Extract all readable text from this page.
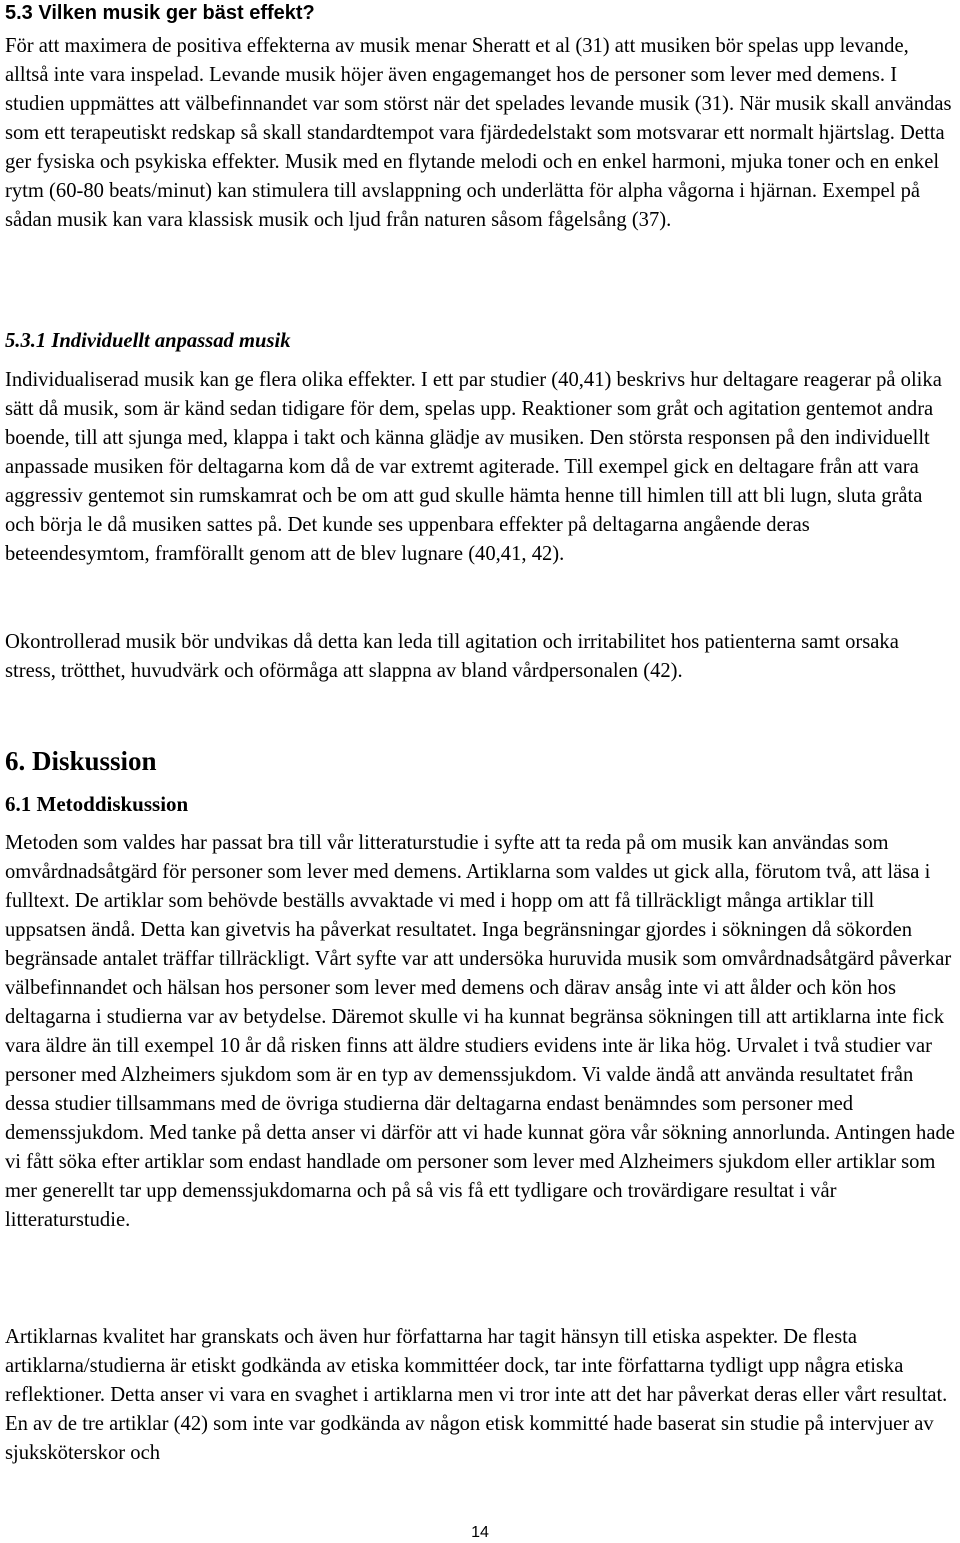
5.3 Vilken musik ger bäst effekt?

För att maximera de positiva effekterna av musik menar Sheratt et al (31) att musiken bör spelas upp levande, alltså inte vara inspelad. Levande musik höjer även engagemanget hos de personer som lever med demens. I studien uppmättes att välbefinnandet var som störst när det spelades levande musik (31). När musik skall användas som ett terapeutiskt redskap så skall standardtempot vara fjärdedelstakt som motsvarar ett normalt hjärtslag. Detta ger fysiska och psykiska effekter. Musik med en flytande melodi och en enkel harmoni, mjuka toner och en enkel rytm (60-80 beats/minut) kan stimulera till avslappning och underlätta för alpha vågorna i hjärnan. Exempel på sådan musik kan vara klassisk musik och ljud från naturen såsom fågelsång (37).

5.3.1 Individuellt anpassad musik

Individualiserad musik kan ge flera olika effekter. I ett par studier (40,41) beskrivs hur deltagare reagerar på olika sätt då musik, som är känd sedan tidigare för dem, spelas upp. Reaktioner som gråt och agitation gentemot andra boende, till att sjunga med, klappa i takt och känna glädje av musiken. Den största responsen på den individuellt anpassade musiken för deltagarna kom då de var extremt agiterade. Till exempel gick en deltagare från att vara aggressiv gentemot sin rumskamrat och be om att gud skulle hämta henne till himlen till att bli lugn, sluta gråta och börja le då musiken sattes på. Det kunde ses uppenbara effekter på deltagarna angående deras beteendesymtom, framförallt genom att de blev lugnare (40,41, 42).

Okontrollerad musik bör undvikas då detta kan leda till agitation och irritabilitet hos patienterna samt orsaka stress, trötthet, huvudvärk och oförmåga att slappna av bland vårdpersonalen (42).

6. Diskussion
6.1 Metoddiskussion

Metoden som valdes har passat bra till vår litteraturstudie i syfte att ta reda på om musik kan användas som omvårdnadsåtgärd för personer som lever med demens. Artiklarna som valdes ut gick alla, förutom två, att läsa i fulltext. De artiklar som behövde beställs avvaktade vi med i hopp om att få tillräckligt många artiklar till uppsatsen ändå. Detta kan givetvis ha påverkat resultatet. Inga begränsningar gjordes i sökningen då sökorden begränsade antalet träffar tillräckligt. Vårt syfte var att undersöka huruvida musik som omvårdnadsåtgärd påverkar välbefinnandet och hälsan hos personer som lever med demens och därav ansåg inte vi att ålder och kön hos deltagarna i studierna var av betydelse. Däremot skulle vi ha kunnat begränsa sökningen till att artiklarna inte fick vara äldre än till exempel 10 år då risken finns att äldre studiers evidens inte är lika hög. Urvalet i två studier var personer med Alzheimers sjukdom som är en typ av demenssjukdom. Vi valde ändå att använda resultatet från dessa studier tillsammans med de övriga studierna där deltagarna endast benämndes som personer med demenssjukdom. Med tanke på detta anser vi därför att vi hade kunnat göra vår sökning annorlunda. Antingen hade vi fått söka efter artiklar som endast handlade om personer som lever med Alzheimers sjukdom eller artiklar som mer generellt tar upp demenssjukdomarna och på så vis få ett tydligare och trovärdigare resultat i vår litteraturstudie.

Artiklarnas kvalitet har granskats och även hur författarna har tagit hänsyn till etiska aspekter. De flesta artiklarna/studierna är etiskt godkända av etiska kommittéer dock, tar inte författarna tydligt upp några etiska reflektioner. Detta anser vi vara en svaghet i artiklarna men vi tror inte att det har påverkat deras eller vårt resultat. En av de tre artiklar (42) som inte var godkända av någon etisk kommitté hade baserat sin studie på intervjuer av sjuksköterskor och

14
